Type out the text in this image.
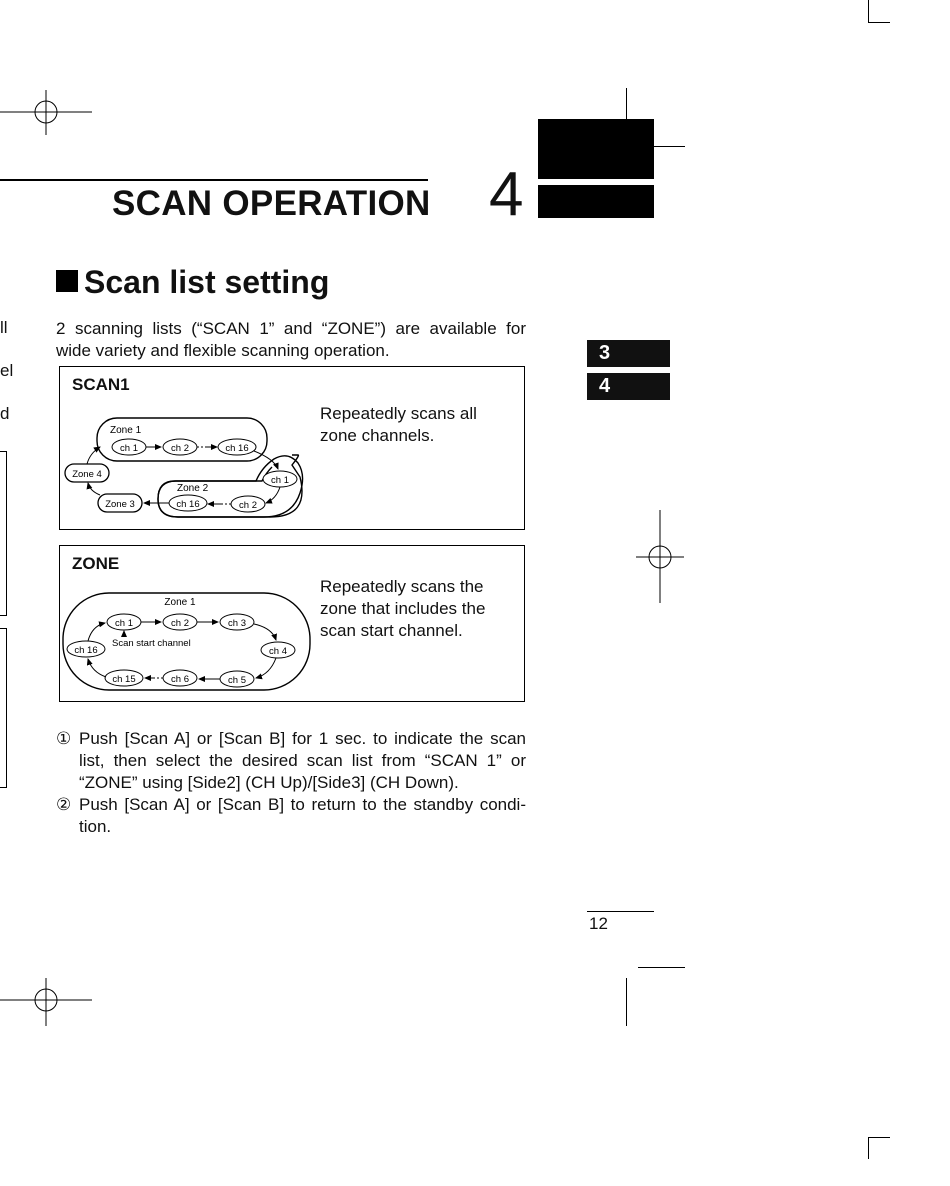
ll
el
d
SCAN OPERATION 4
Scan list setting
2 scanning lists (“SCAN 1” and “ZONE”) are available for
wide variety and flexible scanning operation.	3
4
SCAN1
Repeatedly scans all
zone channels.
Zone 1
Zone 2
ch 1	ch 2	ch 16
ch 1
ch 2
ch 16
Zone 3
Zone 4
ZONE
Repeatedly scans the
zone that includes the
scan start channel.
Zone 1
ch 1	ch 2	ch 3
ch 4
ch 5
ch 6
ch 15
ch 16
Scan start channel
① Push [Scan A] or [Scan B] for 1 sec. to indicate the scan
list, then select the desired scan list from “SCAN 1” or
“ZONE” using [Side2] (CH Up)/[Side3] (CH Down).
② Push [Scan A] or [Scan B] to return to the standby condi-
tion.
12
